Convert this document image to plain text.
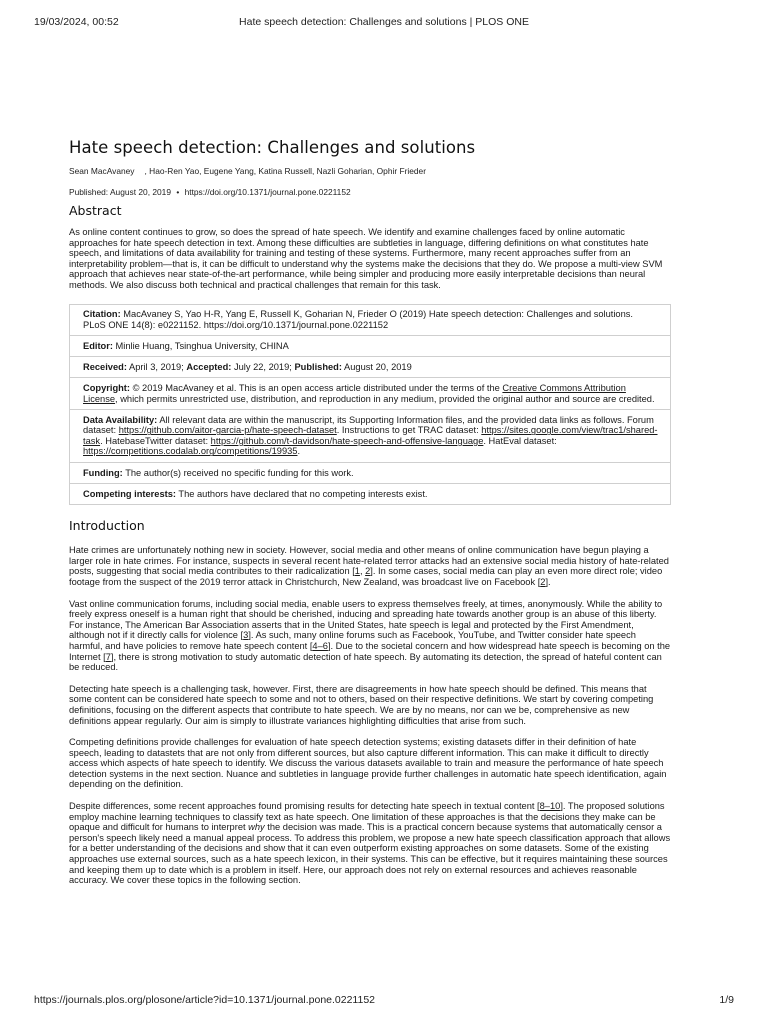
19/03/2024, 00:52	Hate speech detection: Challenges and solutions | PLOS ONE
Hate speech detection: Challenges and solutions
Sean MacAvaney , Hao-Ren Yao, Eugene Yang, Katina Russell, Nazli Goharian, Ophir Frieder
Published: August 20, 2019 • https://doi.org/10.1371/journal.pone.0221152
Abstract

As online content continues to grow, so does the spread of hate speech. We identify and examine challenges faced by online automatic approaches for hate speech detection in text. Among these difficulties are subtleties in language, differing definitions on what constitutes hate speech, and limitations of data availability for training and testing of these systems. Furthermore, many recent approaches suffer from an interpretability problem—that is, it can be difficult to understand why the systems make the decisions that they do. We propose a multi-view SVM approach that achieves near state-of-the-art performance, while being simpler and producing more easily interpretable decisions than neural methods. We also discuss both technical and practical challenges that remain for this task.

Citation: MacAvaney S, Yao H-R, Yang E, Russell K, Goharian N, Frieder O (2019) Hate speech detection: Challenges and solutions. PLoS ONE 14(8): e0221152. https://doi.org/10.1371/journal.pone.0221152
Editor: Minlie Huang, Tsinghua University, CHINA
Received: April 3, 2019; Accepted: July 22, 2019; Published: August 20, 2019
Copyright: © 2019 MacAvaney et al. This is an open access article distributed under the terms of the Creative Commons Attribution License, which permits unrestricted use, distribution, and reproduction in any medium, provided the original author and source are credited.
Data Availability: All relevant data are within the manuscript, its Supporting Information files, and the provided data links as follows. Forum dataset: https://github.com/aitor-garcia-p/hate-speech-dataset. Instructions to get TRAC dataset: https://sites.google.com/view/trac1/shared-task. HatebaseTwitter dataset: https://github.com/t-davidson/hate-speech-and-offensive-language. HatEval dataset: https://competitions.codalab.org/competitions/19935.
Funding: The author(s) received no specific funding for this work.
Competing interests: The authors have declared that no competing interests exist.
Introduction

Hate crimes are unfortunately nothing new in society. However, social media and other means of online communication have begun playing a larger role in hate crimes. For instance, suspects in several recent hate-related terror attacks had an extensive social media history of hate-related posts, suggesting that social media contributes to their radicalization [1, 2]. In some cases, social media can play an even more direct role; video footage from the suspect of the 2019 terror attack in Christchurch, New Zealand, was broadcast live on Facebook [2].

Vast online communication forums, including social media, enable users to express themselves freely, at times, anonymously. While the ability to freely express oneself is a human right that should be cherished, inducing and spreading hate towards another group is an abuse of this liberty. For instance, The American Bar Association asserts that in the United States, hate speech is legal and protected by the First Amendment, although not if it directly calls for violence [3]. As such, many online forums such as Facebook, YouTube, and Twitter consider hate speech harmful, and have policies to remove hate speech content [4–6]. Due to the societal concern and how widespread hate speech is becoming on the Internet [7], there is strong motivation to study automatic detection of hate speech. By automating its detection, the spread of hateful content can be reduced.

Detecting hate speech is a challenging task, however. First, there are disagreements in how hate speech should be defined. This means that some content can be considered hate speech to some and not to others, based on their respective definitions. We start by covering competing definitions, focusing on the different aspects that contribute to hate speech. We are by no means, nor can we be, comprehensive as new definitions appear regularly. Our aim is simply to illustrate variances highlighting difficulties that arise from such.

Competing definitions provide challenges for evaluation of hate speech detection systems; existing datasets differ in their definition of hate speech, leading to datastets that are not only from different sources, but also capture different information. This can make it difficult to directly access which aspects of hate speech to identify. We discuss the various datasets available to train and measure the performance of hate speech detection systems in the next section. Nuance and subtleties in language provide further challenges in automatic hate speech identification, again depending on the definition.

Despite differences, some recent approaches found promising results for detecting hate speech in textual content [8–10]. The proposed solutions employ machine learning techniques to classify text as hate speech. One limitation of these approaches is that the decisions they make can be opaque and difficult for humans to interpret why the decision was made. This is a practical concern because systems that automatically censor a person's speech likely need a manual appeal process. To address this problem, we propose a new hate speech classification approach that allows for a better understanding of the decisions and show that it can even outperform existing approaches on some datasets. Some of the existing approaches use external sources, such as a hate speech lexicon, in their systems. This can be effective, but it requires maintaining these sources and keeping them up to date which is a problem in itself. Here, our approach does not rely on external resources and achieves reasonable accuracy. We cover these topics in the following section.

https://journals.plos.org/plosone/article?id=10.1371/journal.pone.0221152	1/9
